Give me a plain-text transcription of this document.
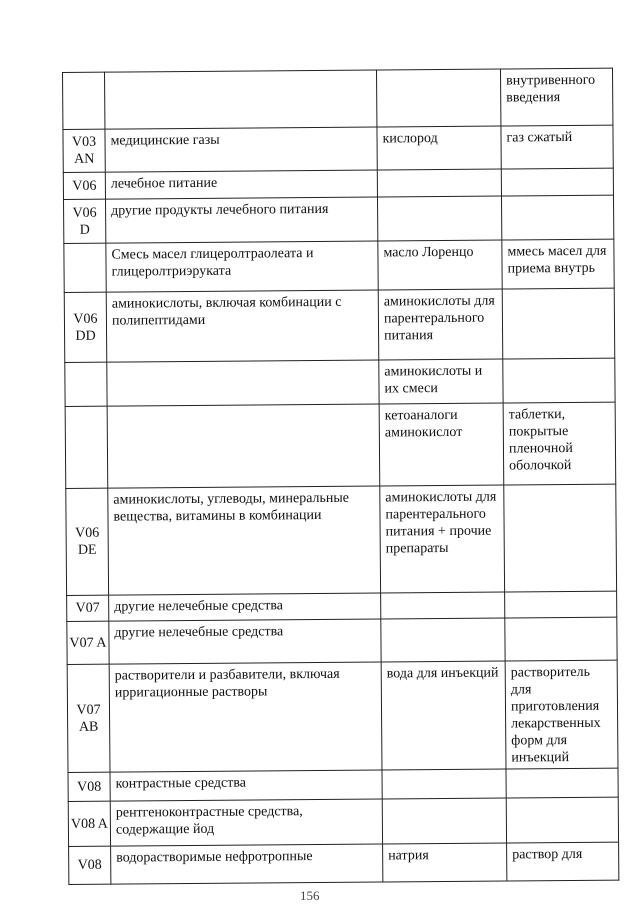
			внутривенного введения
V03 AN	медицинские газы	кислород	газ сжатый
V06	лечебное питание		
V06 D	другие продукты лечебного питания		
	Смесь масел глицеролтраолеата и глицеролтриэруката	масло Лоренцо	ммесь масел для приема внутрь
V06 DD	аминокислоты, включая комбинации с полипептидами	аминокислоты для парентерального питания	
		аминокислоты и их смеси	
		кетоаналоги аминокислот	таблетки, покрытые пленочной оболочкой
V06 DE	аминокислоты, углеводы, минеральные вещества, витамины в комбинации	аминокислоты для парентерального питания + прочие препараты	
V07	другие нелечебные средства		
V07 A	другие нелечебные средства		
V07 AB	растворители и разбавители, включая ирригационные растворы	вода для инъекций	растворитель для приготовления лекарственных форм для инъекций
V08	контрастные средства		
V08 A	рентгеноконтрастные средства, содержащие йод		
V08	водорастворимые нефротропные	натрия	раствор для
156
